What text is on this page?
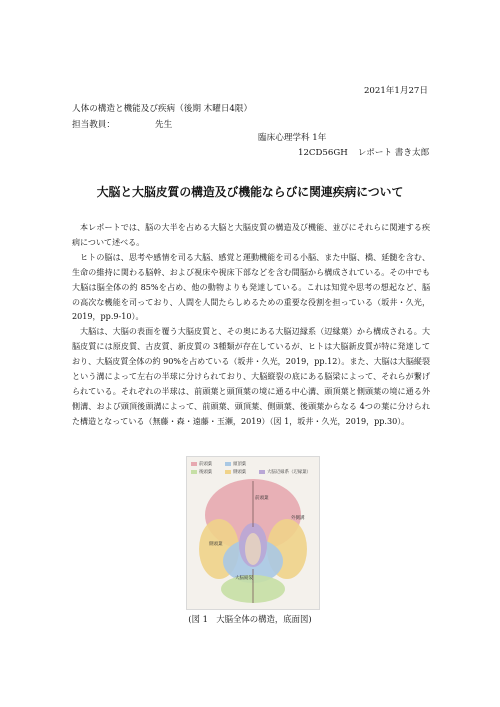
2021年1月27日
人体の構造と機能及び疾病（後期 木曜日4限）
担当教員：	先生
臨床心理学科 1年
12CD56GH レポート 書き太郎
大脳と大脳皮質の構造及び機能ならびに関連疾病について

本レポートでは、脳の大半を占める大脳と大脳皮質の構造及び機能、並びにそれらに関連する疾病について述べる。

ヒトの脳は、思考や感情を司る大脳、感覚と運動機能を司る小脳、また中脳、橋、延髄を含む、生命の維持に関わる脳幹、および視床や視床下部などを含む間脳から構成されている。その中でも大脳は脳全体の約 85%を占め、他の動物よりも発達している。これは知覚や思考の想起など、脳の高次な機能を司っており、人間を人間たらしめるための重要な役割を担っている（坂井・久光，2019，pp.9-10）。

大脳は、大脳の表面を覆う大脳皮質と、その奥にある大脳辺縁系（辺縁葉）から構成される。大脳皮質には原皮質、古皮質、新皮質の 3種類が存在しているが、ヒトは大脳新皮質が特に発達しており、大脳皮質全体の約 90%を占めている（坂井・久光，2019，pp.12）。また、大脳は大脳縦裂という溝によって左右の半球に分けられており、大脳縦裂の底にある脳梁によって、それらが繋げられている。それぞれの半球は、前頭葉と頭頂葉の境に通る中心溝、頭頂葉と側頭葉の境に通る外側溝、および頭頂後頭溝によって、前頭葉、頭頂葉、側頭葉、後頭葉からなる 4つの葉に分けられた構造となっている（無藤・森・遠藤・玉瀬，2019）（図 1，坂井・久光，2019，pp.30）。

前頭葉
外側溝
側頭葉
大脳縦裂
前頭葉	頭頂葉
後頭葉	側頭葉	大脳辺縁系（辺縁葉）
(図 1　大脳全体の構造，底面図)
